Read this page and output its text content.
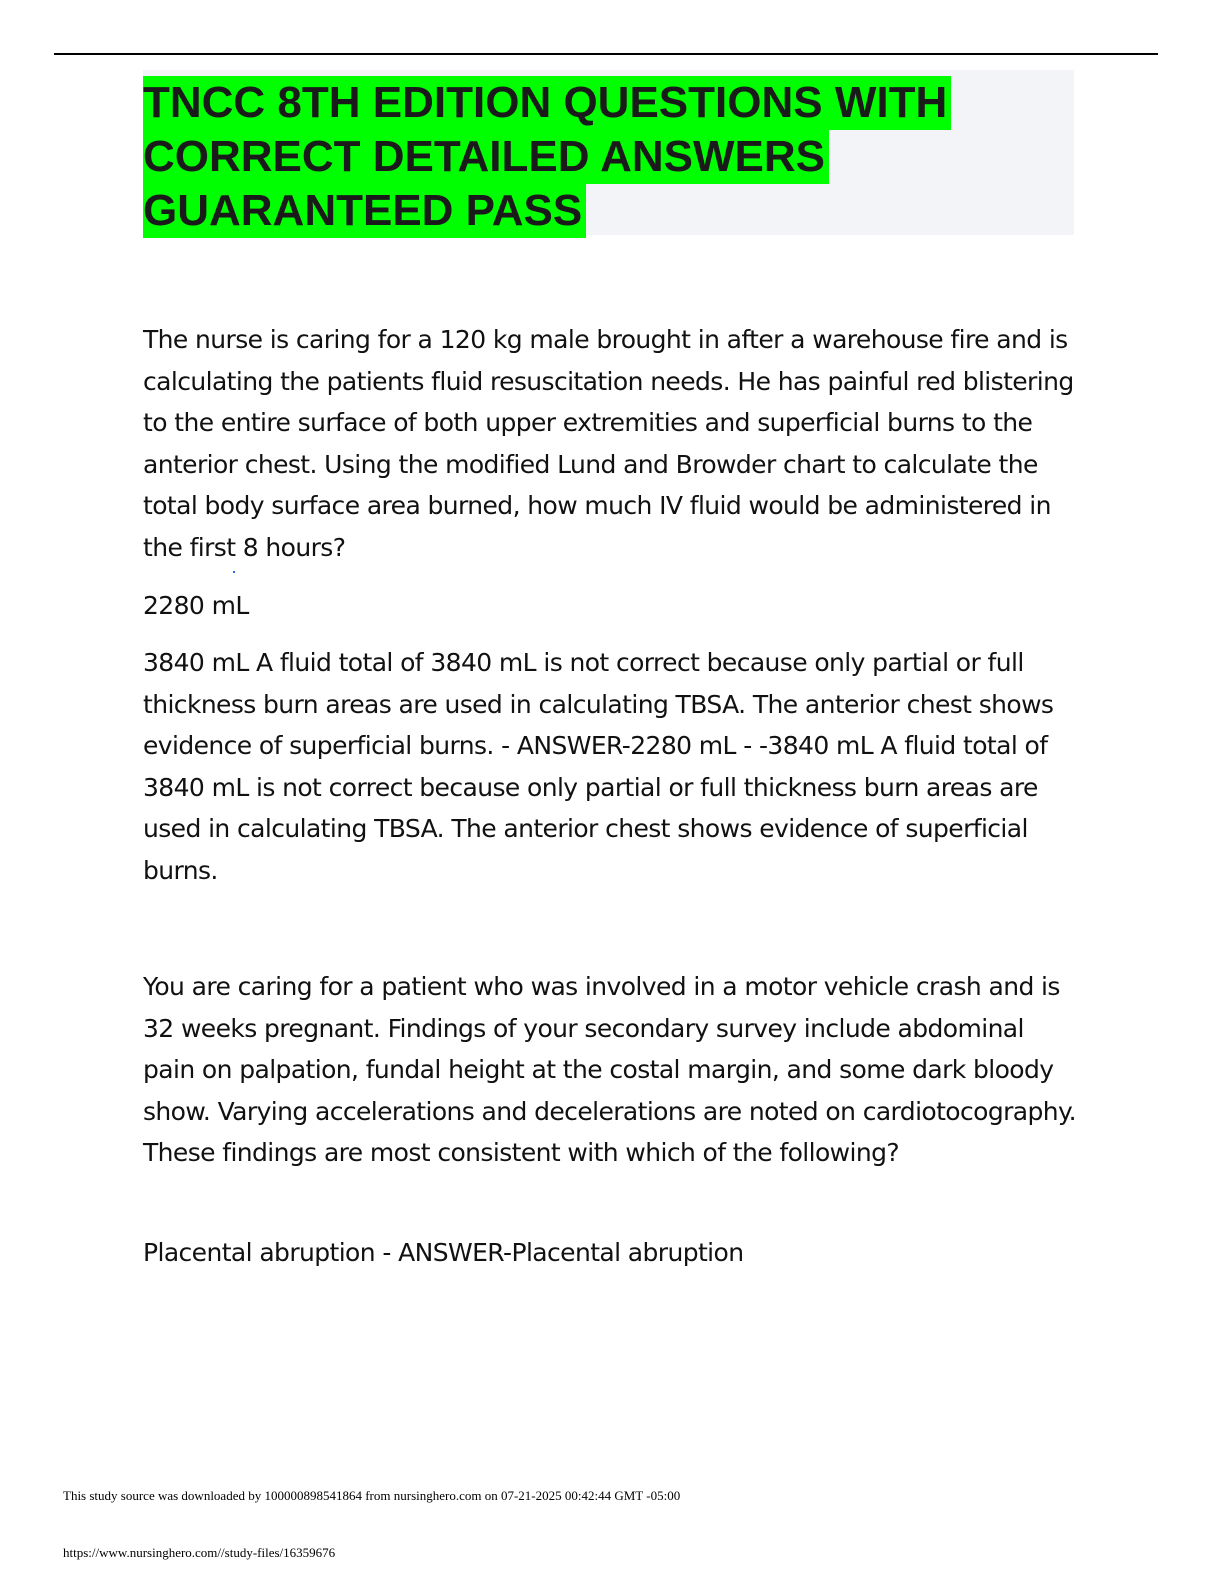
TNCC 8TH EDITION QUESTIONS WITH
CORRECT DETAILED ANSWERS
GUARANTEED PASS

The nurse is caring for a 120 kg male brought in after a warehouse fire and is calculating the patients fluid resuscitation needs. He has painful red blistering to the entire surface of both upper extremities and superficial burns to the anterior chest. Using the modified Lund and Browder chart to calculate the total body surface area burned, how much IV fluid would be administered in the first 8 hours?

2280 mL

3840 mL A fluid total of 3840 mL is not correct because only partial or full thickness burn areas are used in calculating TBSA. The anterior chest shows evidence of superficial burns. - ANSWER-2280 mL - -3840 mL A fluid total of 3840 mL is not correct because only partial or full thickness burn areas are used in calculating TBSA. The anterior chest shows evidence of superficial burns.

You are caring for a patient who was involved in a motor vehicle crash and is 32 weeks pregnant. Findings of your secondary survey include abdominal pain on palpation, fundal height at the costal margin, and some dark bloody show. Varying accelerations and decelerations are noted on cardiotocography. These findings are most consistent with which of the following?

Placental abruption - ANSWER-Placental abruption

This study source was downloaded by 100000898541864 from nursinghero.com on 07-21-2025 00:42:44 GMT -05:00

https://www.nursinghero.com//study-files/16359676
